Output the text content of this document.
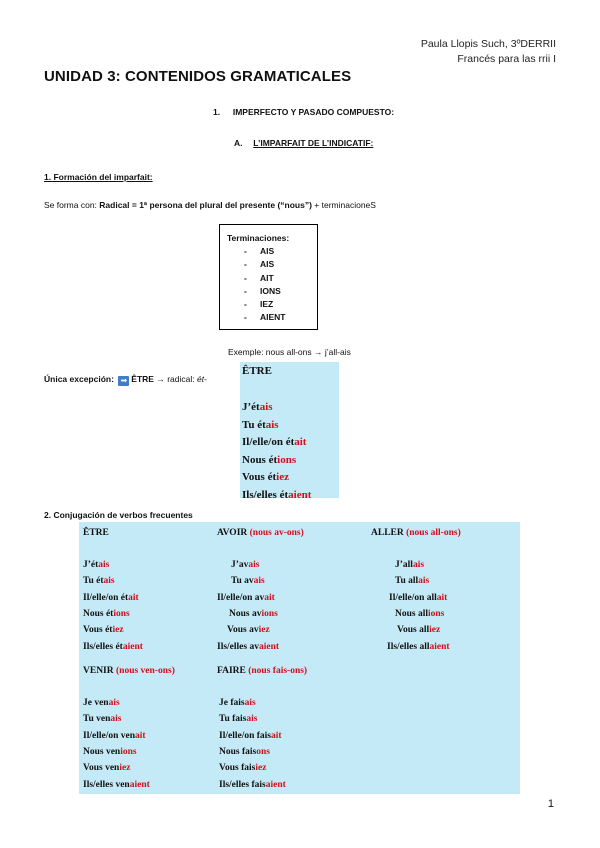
Paula Llopis Such, 3ºDERRII
Francés para las rrii I
UNIDAD 3: CONTENIDOS GRAMATICALES
1. IMPERFECTO Y PASADO COMPUESTO:
A. L’IMPARFAIT DE L’INDICATIF:
1. Formación del imparfait:
Se forma con: Radical = 1ª persona del plural del presente (“nous”) + terminacioneS
Terminaciones:
- AIS
- AIS
- AIT
- IONS
- IEZ
- AIENT
Exemple: nous all-ons → j’all-ais
Única excepción: ➡ ÊTRE → radical: ét-
ÊTRE
J’étais
Tu étais
Il/elle/on était
Nous étions
Vous étiez
Ils/elles étaient
2. Conjugación de verbos frecuentes
ÊTRE
J’étais
Tu étais
Il/elle/on était
Nous étions
Vous étiez
Ils/elles étaient
AVOIR (nous av-ons)
J’avais
Tu avais
Il/elle/on avait
Nous avions
Vous aviez
Ils/elles avaient
ALLER (nous all-ons)
J’allais
Tu allais
Il/elle/on allait
Nous allions
Vous alliez
Ils/elles allaient
VENIR (nous ven-ons)
Je venais
Tu venais
Il/elle/on venait
Nous venions
Vous veniez
Ils/elles venaient
FAIRE (nous fais-ons)
Je faisais
Tu faisais
Il/elle/on faisait
Nous faisons
Vous faisiez
Ils/elles faisaient
1
